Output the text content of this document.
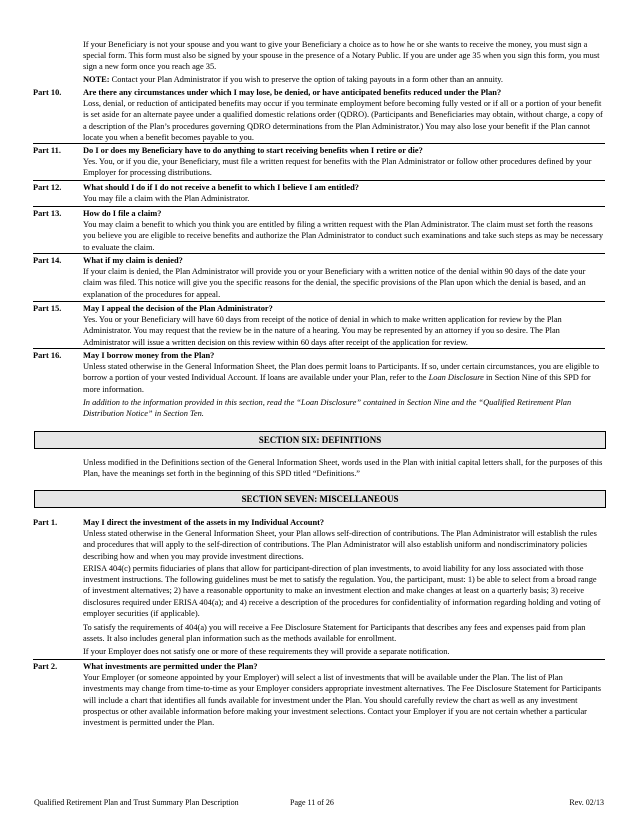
If your Beneficiary is not your spouse and you want to give your Beneficiary a choice as to how he or she wants to receive the money, you must sign a special form. This form must also be signed by your spouse in the presence of a Notary Public. If you are under age 35 when you sign this form, you must sign a new form once you reach age 35.

NOTE: Contact your Plan Administrator if you wish to preserve the option of taking payouts in a form other than an annuity.

Part 10.	Are there any circumstances under which I may lose, be denied, or have anticipated benefits reduced under the Plan?
Loss, denial, or reduction of anticipated benefits may occur if you terminate employment before becoming fully vested or if all or a portion of your benefit is set aside for an alternate payee under a qualified domestic relations order (QDRO). (Participants and Beneficiaries may obtain, without charge, a copy of a description of the Plan’s procedures governing QDRO determinations from the Plan Administrator.) You may also lose your benefit if the Plan cannot locate you when a benefit becomes payable to you.

Part 11.	Do I or does my Beneficiary have to do anything to start receiving benefits when I retire or die?
Yes. You, or if you die, your Beneficiary, must file a written request for benefits with the Plan Administrator or follow other procedures defined by your Employer for processing distributions.

Part 12.	What should I do if I do not receive a benefit to which I believe I am entitled?
You may file a claim with the Plan Administrator.

Part 13.	How do I file a claim?
You may claim a benefit to which you think you are entitled by filing a written request with the Plan Administrator. The claim must set forth the reasons you believe you are eligible to receive benefits and authorize the Plan Administrator to conduct such examinations and take such steps as may be necessary to evaluate the claim.

Part 14.	What if my claim is denied?
If your claim is denied, the Plan Administrator will provide you or your Beneficiary with a written notice of the denial within 90 days of the date your claim was filed. This notice will give you the specific reasons for the denial, the specific provisions of the Plan upon which the denial is based, and an explanation of the procedures for appeal.

Part 15.	May I appeal the decision of the Plan Administrator?
Yes. You or your Beneficiary will have 60 days from receipt of the notice of denial in which to make written application for review by the Plan Administrator. You may request that the review be in the nature of a hearing. You may be represented by an attorney if you so desire. The Plan Administrator will issue a written decision on this review within 60 days after receipt of the application for review.

Part 16.	May I borrow money from the Plan?
Unless stated otherwise in the General Information Sheet, the Plan does permit loans to Participants. If so, under certain circumstances, you are eligible to borrow a portion of your vested Individual Account. If loans are available under your Plan, refer to the Loan Disclosure in Section Nine of this SPD for more information.

In addition to the information provided in this section, read the “Loan Disclosure” contained in Section Nine and the “Qualified Retirement Plan Distribution Notice” in Section Ten.

SECTION SIX: DEFINITIONS

Unless modified in the Definitions section of the General Information Sheet, words used in the Plan with initial capital letters shall, for the purposes of this Plan, have the meanings set forth in the beginning of this SPD titled “Definitions.”

SECTION SEVEN: MISCELLANEOUS
Part 1.	May I direct the investment of the assets in my Individual Account?
Unless stated otherwise in the General Information Sheet, your Plan allows self-direction of contributions. The Plan Administrator will establish the rules and procedures that will apply to the self-direction of contributions. The Plan Administrator will also establish uniform and nondiscriminatory policies describing how and when you may provide investment directions.

ERISA 404(c) permits fiduciaries of plans that allow for participant-direction of plan investments, to avoid liability for any loss associated with those investment instructions. The following guidelines must be met to satisfy the regulation. You, the participant, must: 1) be able to select from a broad range of investment alternatives; 2) have a reasonable opportunity to make an investment election and make changes at least on a quarterly basis; 3) receive disclosures required under ERISA 404(a); and 4) receive a description of the procedures for confidentiality of information regarding holding and voting of employer securities (if applicable).

To satisfy the requirements of 404(a) you will receive a Fee Disclosure Statement for Participants that describes any fees and expenses paid from plan assets. It also includes general plan information such as the methods available for enrollment.

If your Employer does not satisfy one or more of these requirements they will provide a separate notification.

Part 2.	What investments are permitted under the Plan?
Your Employer (or someone appointed by your Employer) will select a list of investments that will be available under the Plan. The list of Plan investments may change from time-to-time as your Employer considers appropriate investment alternatives. The Fee Disclosure Statement for Participants will include a chart that identifies all funds available for investment under the Plan. You should carefully review the chart as well as any investment prospectus or other available information before making your investment selections. Contact your Employer if you are not certain whether a particular investment is permitted under the Plan.

Qualified Retirement Plan and Trust Summary Plan Description	Page 11 of 26	Rev. 02/13
